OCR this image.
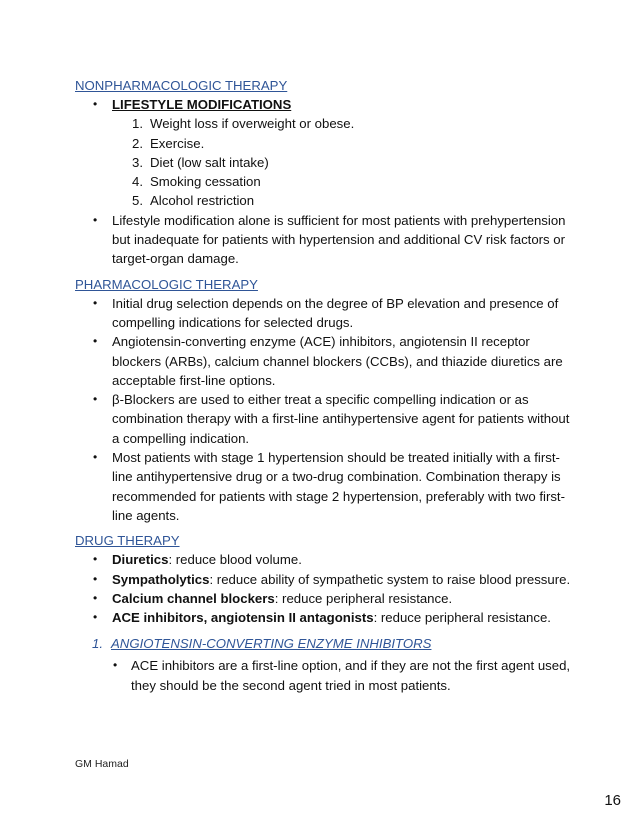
NONPHARMACOLOGIC THERAPY
• LIFESTYLE MODIFICATIONS
1. Weight loss if overweight or obese.
2. Exercise.
3. Diet (low salt intake)
4. Smoking cessation
5. Alcohol restriction
• Lifestyle modification alone is sufficient for most patients with prehypertension but inadequate for patients with hypertension and additional CV risk factors or target-organ damage.
PHARMACOLOGIC THERAPY
• Initial drug selection depends on the degree of BP elevation and presence of compelling indications for selected drugs.
• Angiotensin-converting enzyme (ACE) inhibitors, angiotensin II receptor blockers (ARBs), calcium channel blockers (CCBs), and thiazide diuretics are acceptable first-line options.
• β-Blockers are used to either treat a specific compelling indication or as combination therapy with a first-line antihypertensive agent for patients without a compelling indication.
• Most patients with stage 1 hypertension should be treated initially with a first-line antihypertensive drug or a two-drug combination. Combination therapy is recommended for patients with stage 2 hypertension, preferably with two first-line agents.
DRUG THERAPY
• Diuretics: reduce blood volume.
• Sympatholytics: reduce ability of sympathetic system to raise blood pressure.
• Calcium channel blockers: reduce peripheral resistance.
• ACE inhibitors, angiotensin II antagonists: reduce peripheral resistance.
1. ANGIOTENSIN-CONVERTING ENZYME INHIBITORS
• ACE inhibitors are a first-line option, and if they are not the first agent used, they should be the second agent tried in most patients.
GM Hamad
16
